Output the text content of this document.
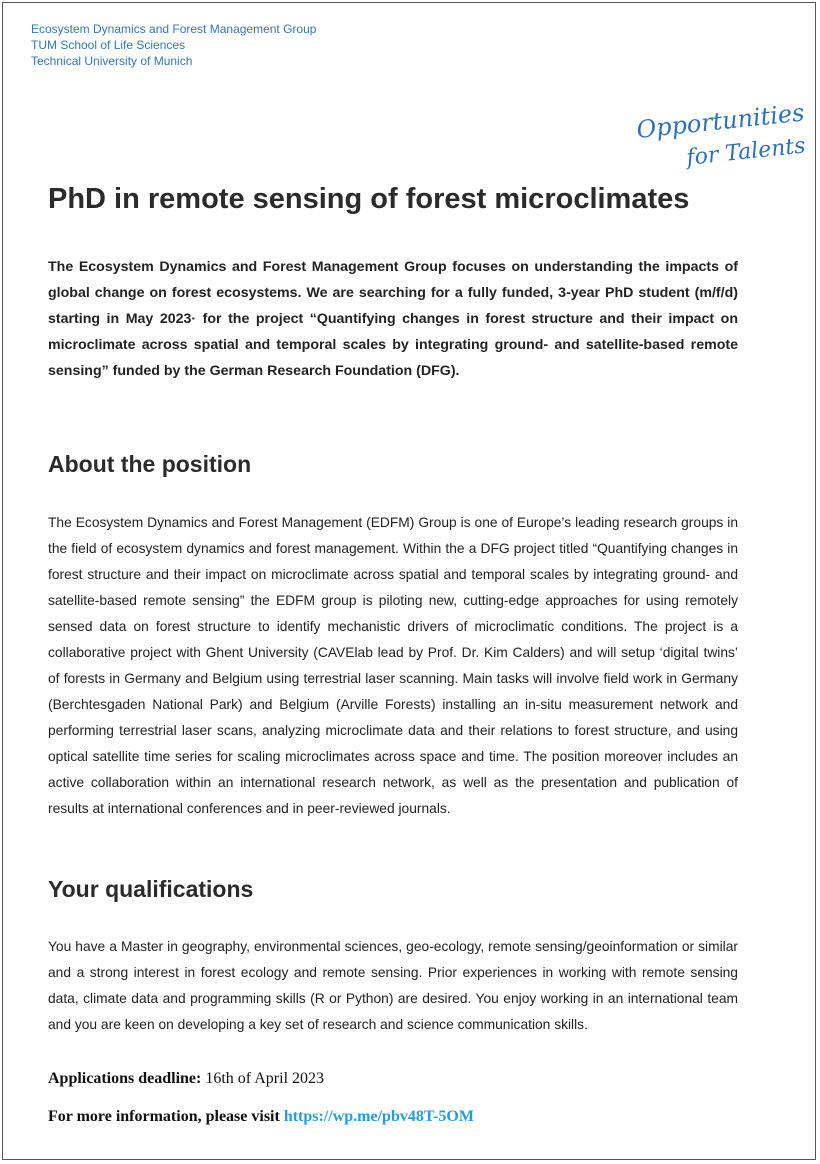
Ecosystem Dynamics and Forest Management Group
TUM School of Life Sciences
Technical University of Munich
Opportunities
for Talents
PhD in remote sensing of forest microclimates

The Ecosystem Dynamics and Forest Management Group focuses on understanding the impacts of global change on forest ecosystems. We are searching for a fully funded, 3-year PhD student (m/f/d) starting in May 2023· for the project “Quantifying changes in forest structure and their impact on microclimate across spatial and temporal scales by integrating ground- and satellite-based remote sensing” funded by the German Research Foundation (DFG).

About the position

The Ecosystem Dynamics and Forest Management (EDFM) Group is one of Europe’s leading research groups in the field of ecosystem dynamics and forest management. Within the a DFG project titled “Quantifying changes in forest structure and their impact on microclimate across spatial and temporal scales by integrating ground- and satellite-based remote sensing” the EDFM group is piloting new, cutting-edge approaches for using remotely sensed data on forest structure to identify mechanistic drivers of microclimatic conditions. The project is a collaborative project with Ghent University (CAVElab lead by Prof. Dr. Kim Calders) and will setup ‘digital twins’ of forests in Germany and Belgium using terrestrial laser scanning. Main tasks will involve field work in Germany (Berchtesgaden National Park) and Belgium (Arville Forests) installing an in-situ measurement network and performing terrestrial laser scans, analyzing microclimate data and their relations to forest structure, and using optical satellite time series for scaling microclimates across space and time. The position moreover includes an active collaboration within an international research network, as well as the presentation and publication of results at international conferences and in peer-reviewed journals.

Your qualifications

You have a Master in geography, environmental sciences, geo-ecology, remote sensing/geoinformation or similar and a strong interest in forest ecology and remote sensing. Prior experiences in working with remote sensing data, climate data and programming skills (R or Python) are desired. You enjoy working in an international team and you are keen on developing a key set of research and science communication skills.

Applications deadline: 16th of April 2023

For more information, please visit https://wp.me/pbv48T-5OM
